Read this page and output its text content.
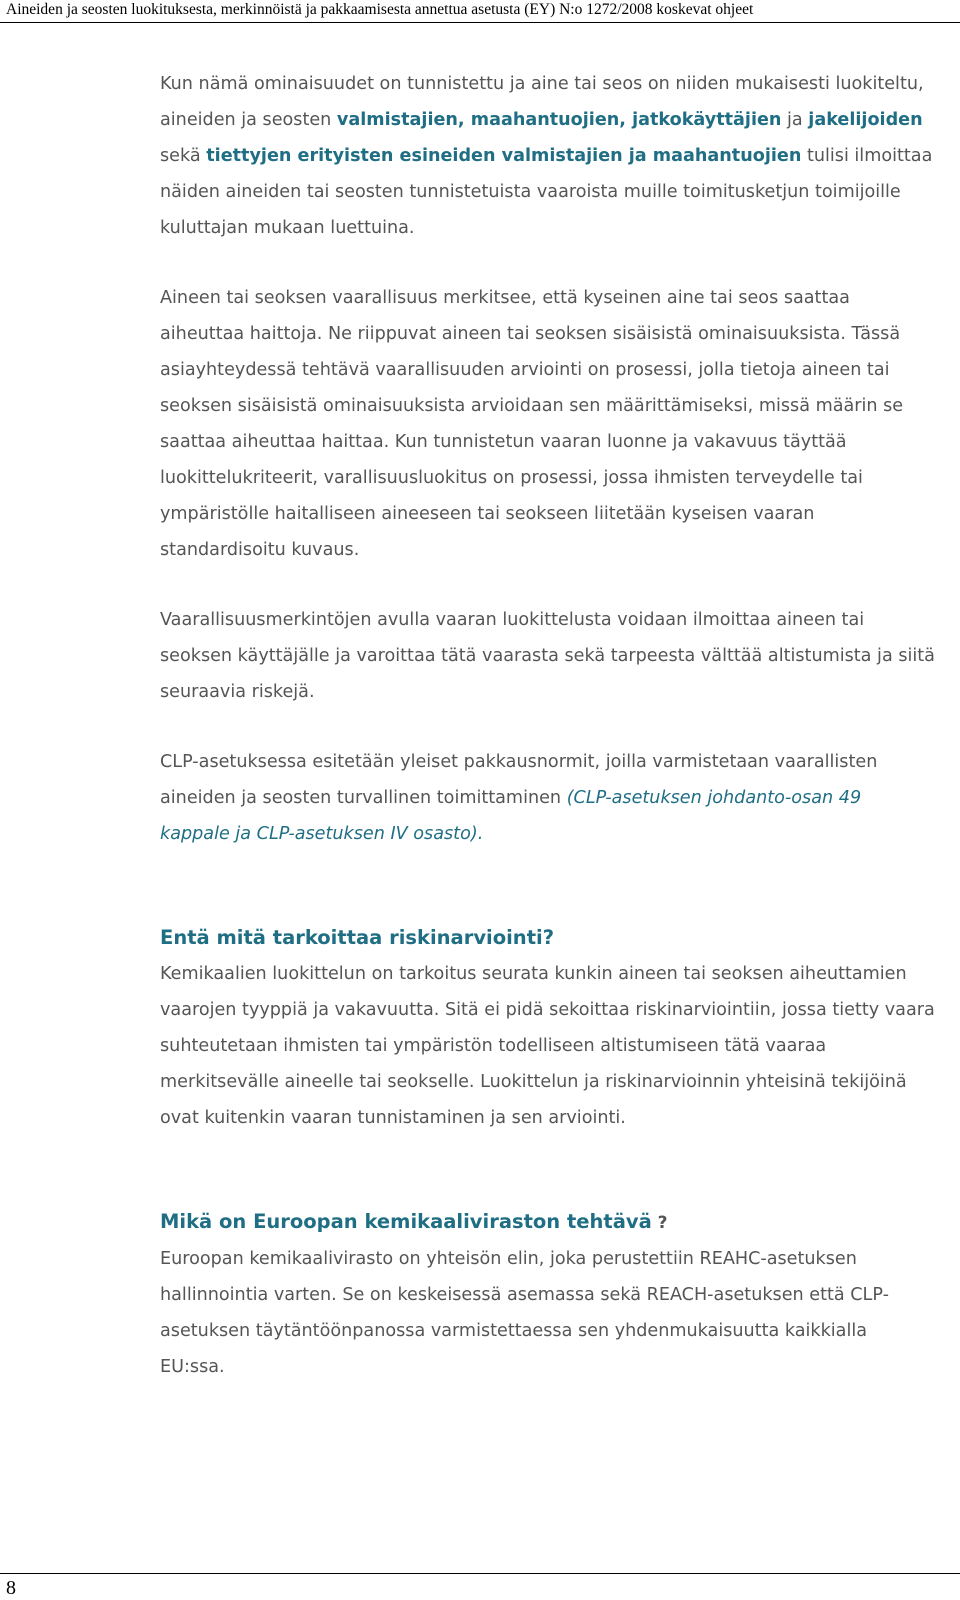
Aineiden ja seosten luokituksesta, merkinnöistä ja pakkaamisesta annettua asetusta (EY) N:o 1272/2008 koskevat ohjeet

Kun nämä ominaisuudet on tunnistettu ja aine tai seos on niiden mukaisesti luokiteltu,
aineiden ja seosten valmistajien, maahantuojien, jatkokäyttäjien ja jakelijoiden
sekä tiettyjen erityisten esineiden valmistajien ja maahantuojien tulisi ilmoittaa
näiden aineiden tai seosten tunnistetuista vaaroista muille toimitusketjun toimijoille
kuluttajan mukaan luettuina.

Aineen tai seoksen vaarallisuus merkitsee, että kyseinen aine tai seos saattaa
aiheuttaa haittoja. Ne riippuvat aineen tai seoksen sisäisistä ominaisuuksista. Tässä
asiayhteydessä tehtävä vaarallisuuden arviointi on prosessi, jolla tietoja aineen tai
seoksen sisäisistä ominaisuuksista arvioidaan sen määrittämiseksi, missä määrin se
saattaa aiheuttaa haittaa. Kun tunnistetun vaaran luonne ja vakavuus täyttää
luokittelukriteerit, varallisuusluokitus on prosessi, jossa ihmisten terveydelle tai
ympäristölle haitalliseen aineeseen tai seokseen liitetään kyseisen vaaran
standardisoitu kuvaus.

Vaarallisuusmerkintöjen avulla vaaran luokittelusta voidaan ilmoittaa aineen tai
seoksen käyttäjälle ja varoittaa tätä vaarasta sekä tarpeesta välttää altistumista ja siitä
seuraavia riskejä.

CLP-asetuksessa esitetään yleiset pakkausnormit, joilla varmistetaan vaarallisten
aineiden ja seosten turvallinen toimittaminen (CLP-asetuksen johdanto-osan 49
kappale ja CLP-asetuksen IV osasto).

Entä mitä tarkoittaa riskinarviointi?
Kemikaalien luokittelun on tarkoitus seurata kunkin aineen tai seoksen aiheuttamien
vaarojen tyyppiä ja vakavuutta. Sitä ei pidä sekoittaa riskinarviointiin, jossa tietty vaara
suhteutetaan ihmisten tai ympäristön todelliseen altistumiseen tätä vaaraa
merkitsevälle aineelle tai seokselle. Luokittelun ja riskinarvioinnin yhteisinä tekijöinä
ovat kuitenkin vaaran tunnistaminen ja sen arviointi.

Mikä on Euroopan kemikaaliviraston tehtävä ?
Euroopan kemikaalivirasto on yhteisön elin, joka perustettiin REAHC-asetuksen
hallinnointia varten. Se on keskeisessä asemassa sekä REACH-asetuksen että CLP-
asetuksen täytäntöönpanossa varmistettaessa sen yhdenmukaisuutta kaikkialla
EU:ssa.

8
